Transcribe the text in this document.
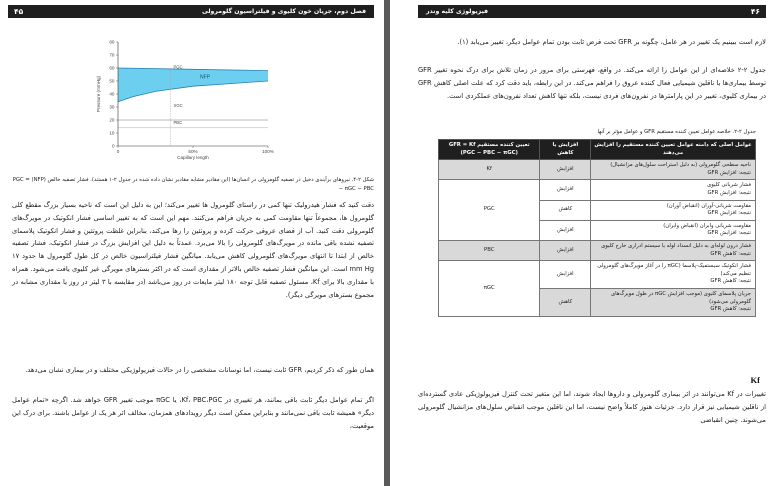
۴۵	فصل دوم، جریان خون کلیوی و فیلتراسیون گلومرولی
80
70
60
50
40
30
20
10
0
0	50%	100%
Capillary length
Pressure (mmHg)
PGC
NFP
πGC
PBC
شکل ۲-۴. نیروهای برآیندی دخیل در تصفیه گلومرولی در انسان‌ها (این مقادیر مشابه مقادیر نشان داده شده در جدول ۲-۱ هستند). فشار تصفیه خالص (NFP) = PGC − πGC − PBC
دقت کنید که فشار هیدرولیک تنها کمی در راستای گلومرول ها تغییر می‌کند؛ این به دلیل این است که ناحیه بسیار بزرگ مقطع کلی گلومرول ها، مجموعاً تنها مقاومت کمی به جریان فراهم می‌کنند. مهم این است که به تغییر اساسی فشار انکوتیک در مویرگ‌های گلومرولی دقت کنید. آب از فضای عروقی حرکت کرده و پروتئین را رها می‌کند، بنابراین غلظت پروتئین و فشار انکوتیک پلاسمای تصفیه نشده باقی مانده در مویرگ‌های گلومرولی را بالا می‌برد. عمدتاً به دلیل این افزایش بزرگ در فشار انکوتیک، فشار تصفیه خالص از ابتدا تا انتهای مویرگ‌های گلومرولی کاهش می‌یابد. میانگین فشار فیلتراسیون خالص در کل طول گلومرول ها حدود ۱۷ mm Hg است. این میانگین فشار تصفیه خالص بالاتر از مقداری است که در اکثر بسترهای مویرگی غیر کلیوی یافت می‌شود. همراه با مقداری بالا برای Kf، مسئول تصفیه قابل توجه ۱۸۰ لیتر مایعات در روز می‌باشد (در مقایسه با ۳ لیتر در روز یا مقداری مشابه در مجموع بسترهای مویرگی دیگر).
همان طور که ذکر کردیم، GFR ثابت نیست، اما نوسانات مشخصی را در حالات فیزیولوژیکی مختلف و در بیماری نشان می‌دهد.
اگر تمام عوامل دیگر ثابت باقی بمانند، هر تغییری در Kf، PBC،PGC، یا πGC موجب تغییر GFR خواهد شد. اگرچه «تمام عوامل دیگر» همیشه ثابت باقی نمی‌مانند و بنابراین ممکن است دیگر رویدادهای همزمان، مخالف اثر هر یک از عوامل باشند. برای درک این موقعیت،
فیزیولوژی کلیه وندر	۴۶
لازم است ببینیم یک تغییر در هر عامل، چگونه بر GFR تحت فرض ثابت بودن تمام عوامل دیگر، تغییر می‌یابد (۱).
جدول ۲-۲ خلاصه‌ای از این عوامل را ارائه می‌کند. در واقع، فهرستی برای مرور در زمان تلاش برای درک نحوه تغییر GFR توسط بیماری‌ها یا ناقلین شیمیایی فعال کننده عروق را فراهم می‌کند. در این رابطه، باید دقت کرد که علت اصلی کاهش GFR در بیماری کلیوی، تغییر در این پارامترها در نفرون‌های فردی نیست، بلکه تنها کاهش تعداد نفرون‌های عملکردی است.
جدول ۲-۲. خلاصه عوامل تعیین کننده مستقیم GFR و عوامل مؤثر بر آنها
عوامل اصلی که دامنه عوامل تعیین کننده مستقیم را افزایش می‌دهند	افزایش یا کاهش	تعیین کننده مستقیم GFR = Kf (PGC − PBC − πGC)

ناحیه سطحی گلومرولی (به دلیل استراحت سلول‌های مزانشیال)
نتیجه: افزایش GFR	افزایش	Kf

فشار شریانی کلیوی
نتیجه: افزایش GFR	افزایش	PGC

مقاومت شریانی-آوران (انقباض آوران)
نتیجه: افزایش GFR	کاهش	

مقاومت شریانی وابران (انقباض وابران)
نتیجه: افزایش GFR	افزایش	

فشار درون لوله‌ای به دلیل انسداد لوله یا سیستم ادراری خارج کلیوی
نتیجه: کاهش GFR	افزایش	PBC

فشار انکوتیک سیستمیک-پلاسما (πGC را در آغاز مویرگ‌های گلومرولی تنظیم می‌کند)
نتیجه: کاهش GFR	افزایش	πGC

جریان پلاسمای کلیوی (موجب افزایش πGC در طول مویرگ‌های گلومرولی می‌شود)
نتیجه: کاهش GFR	کاهش	
Kf
تغییرات در Kf می‌توانند در اثر بیماری گلومرولی و داروها ایجاد شوند، اما این متغیر تحت کنترل فیزیولوژیکی عادی گسترده‌ای از ناقلین شیمیایی نیز قرار دارد. جزئیات هنوز کاملاً واضح نیست، اما این ناقلین موجب انقباض سلول‌های مزانشیال گلومرولی می‌شوند. چنین انقباضی
